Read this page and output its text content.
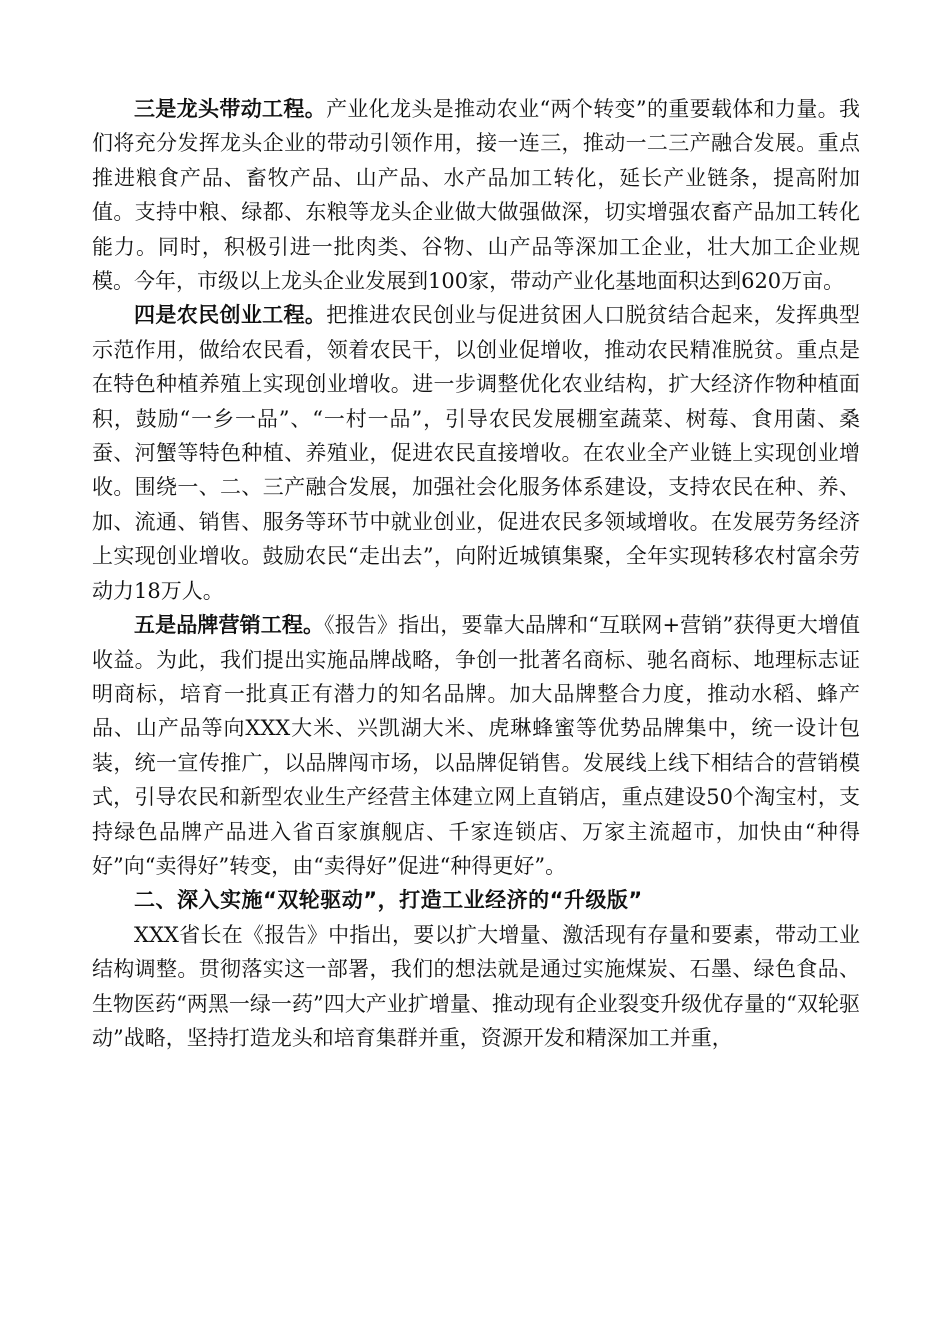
三是龙头带动工程。产业化龙头是推动农业“两个转变”的重要载体和力量。我们将充分发挥龙头企业的带动引领作用，接一连三，推动一二三产融合发展。重点推进粮食产品、畜牧产品、山产品、水产品加工转化，延长产业链条，提高附加值。支持中粮、绿都、东粮等龙头企业做大做强做深，切实增强农畜产品加工转化能力。同时，积极引进一批肉类、谷物、山产品等深加工企业，壮大加工企业规模。今年，市级以上龙头企业发展到100家，带动产业化基地面积达到620万亩。

四是农民创业工程。把推进农民创业与促进贫困人口脱贫结合起来，发挥典型示范作用，做给农民看，领着农民干，以创业促增收，推动农民精准脱贫。重点是在特色种植养殖上实现创业增收。进一步调整优化农业结构，扩大经济作物种植面积，鼓励“一乡一品”、“一村一品”，引导农民发展棚室蔬菜、树莓、食用菌、桑蚕、河蟹等特色种植、养殖业，促进农民直接增收。在农业全产业链上实现创业增收。围绕一、二、三产融合发展，加强社会化服务体系建设，支持农民在种、养、加、流通、销售、服务等环节中就业创业，促进农民多领域增收。在发展劳务经济上实现创业增收。鼓励农民“走出去”，向附近城镇集聚，全年实现转移农村富余劳动力18万人。

五是品牌营销工程。《报告》指出，要靠大品牌和“互联网+营销”获得更大增值收益。为此，我们提出实施品牌战略，争创一批著名商标、驰名商标、地理标志证明商标，培育一批真正有潜力的知名品牌。加大品牌整合力度，推动水稻、蜂产品、山产品等向XXX大米、兴凯湖大米、虎琳蜂蜜等优势品牌集中，统一设计包装，统一宣传推广，以品牌闯市场，以品牌促销售。发展线上线下相结合的营销模式，引导农民和新型农业生产经营主体建立网上直销店，重点建设50个淘宝村，支持绿色品牌产品进入省百家旗舰店、千家连锁店、万家主流超市，加快由“种得好”向“卖得好”转变，由“卖得好”促进“种得更好”。

二、深入实施“双轮驱动”，打造工业经济的“升级版”

XXX省长在《报告》中指出，要以扩大增量、激活现有存量和要素，带动工业结构调整。贯彻落实这一部署，我们的想法就是通过实施煤炭、石墨、绿色食品、生物医药“两黑一绿一药”四大产业扩增量、推动现有企业裂变升级优存量的“双轮驱动”战略，坚持打造龙头和培育集群并重，资源开发和精深加工并重，
